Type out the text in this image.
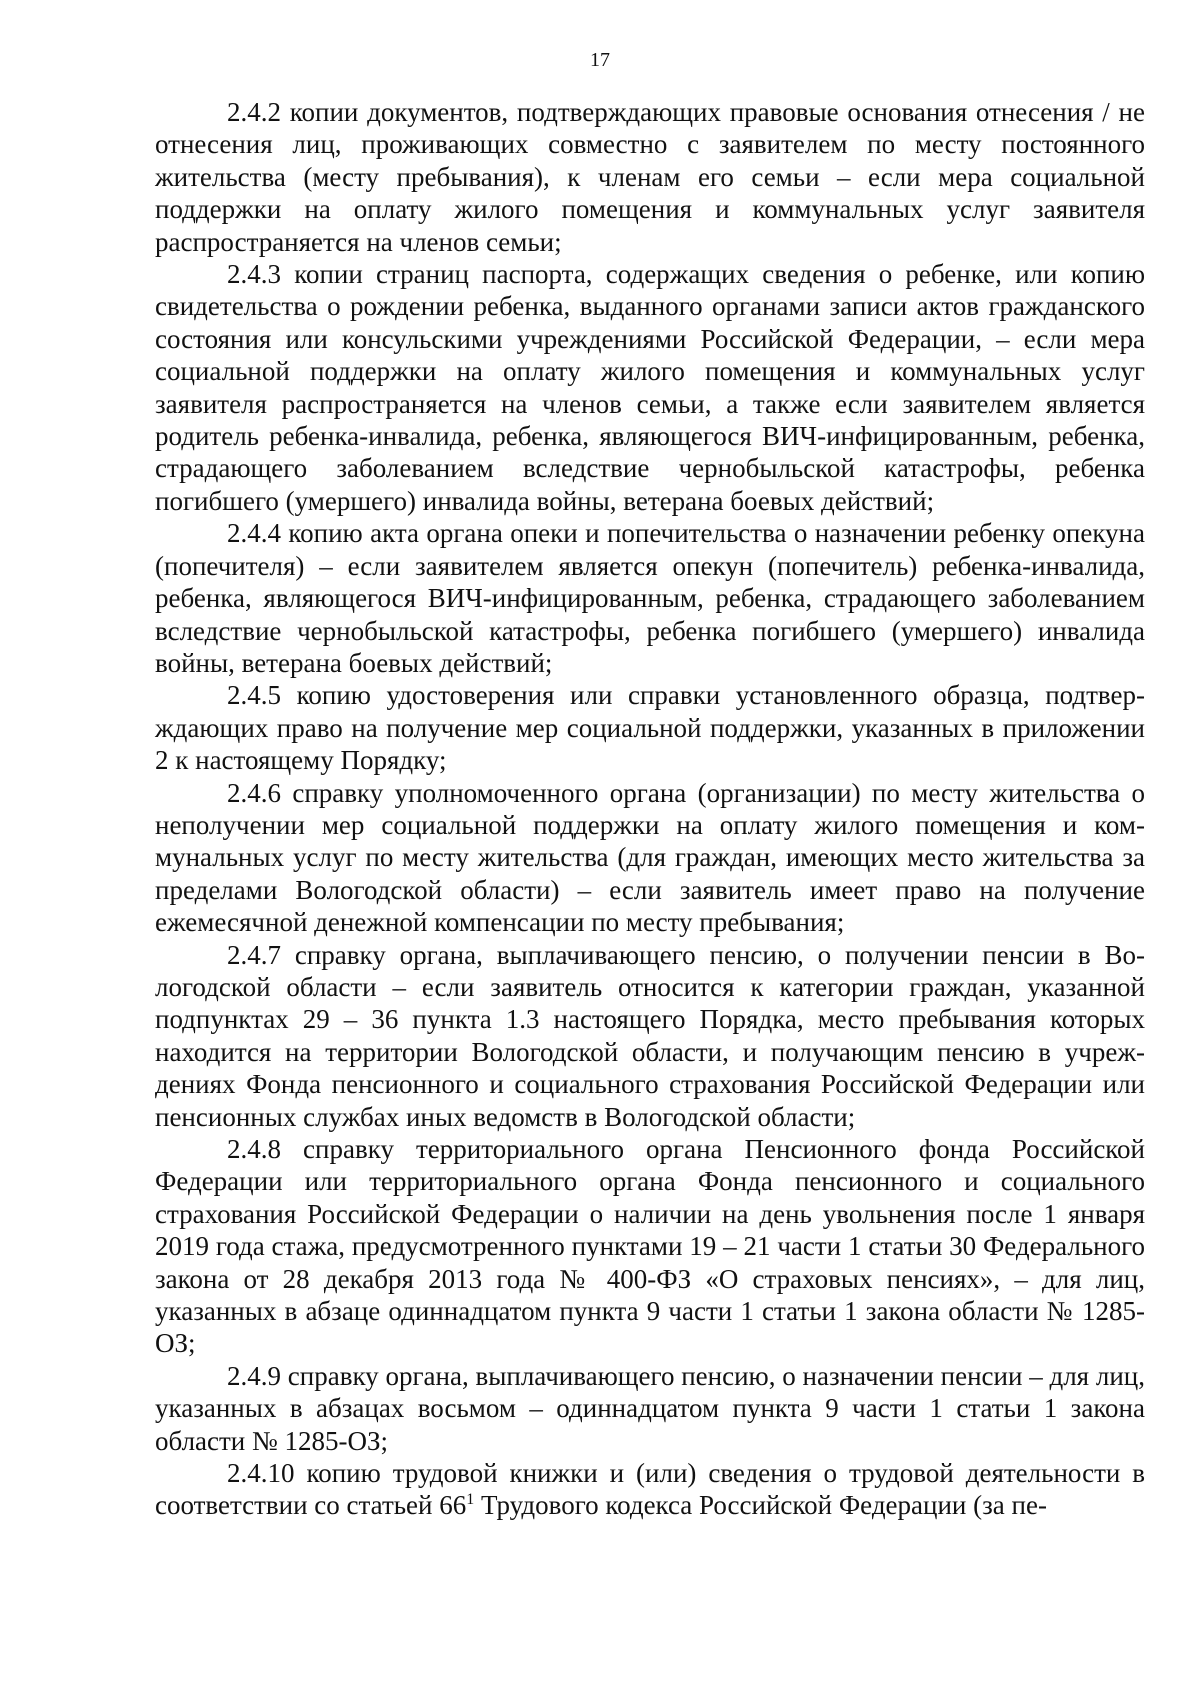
17

2.4.2 копии документов, подтверждающих правовые основания отнесения / не отнесения лиц, проживающих совместно с заявителем по месту постоянного жительства (месту пребывания), к членам его семьи – если мера социальной поддержки на оплату жилого помещения и коммунальных услуг заявителя распространяется на членов семьи;

2.4.3 копии страниц паспорта, содержащих сведения о ребенке, или копию свидетельства о рождении ребенка, выданного органами записи актов гражданского состояния или консульскими учреждениями Российской Федерации, – если мера социальной поддержки на оплату жилого помещения и коммунальных услуг заявителя распространяется на членов семьи, а также если заявителем является родитель ребенка-инвалида, ребенка, являющегося ВИЧ-инфицированным, ребенка, страдающего заболеванием вследствие чернобыльской катастрофы, ребенка погибшего (умершего) инвалида войны, ветерана боевых действий;

2.4.4 копию акта органа опеки и попечительства о назначении ребенку опекуна (попечителя) – если заявителем является опекун (попечитель) ребенка-инвалида, ребенка, являющегося ВИЧ-инфицированным, ребенка, страдающего заболеванием вследствие чернобыльской катастрофы, ребенка погибшего (умершего) инвалида войны, ветерана боевых действий;

2.4.5 копию удостоверения или справки установленного образца, подтверждающих право на получение мер социальной поддержки, указанных в приложении 2 к настоящему Порядку;

2.4.6 справку уполномоченного органа (организации) по месту жительства о неполучении мер социальной поддержки на оплату жилого помещения и коммунальных услуг по месту жительства (для граждан, имеющих место жительства за пределами Вологодской области) – если заявитель имеет право на получение ежемесячной денежной компенсации по месту пребывания;

2.4.7 справку органа, выплачивающего пенсию, о получении пенсии в Вологодской области – если заявитель относится к категории граждан, указанной подпунктах 29 – 36 пункта 1.3 настоящего Порядка, место пребывания которых находится на территории Вологодской области, и получающим пенсию в учреждениях Фонда пенсионного и социального страхования Российской Федерации или пенсионных службах иных ведомств в Вологодской области;

2.4.8 справку территориального органа Пенсионного фонда Российской Федерации или территориального органа Фонда пенсионного и социального страхования Российской Федерации о наличии на день увольнения после 1 января 2019 года стажа, предусмотренного пунктами 19 – 21 части 1 статьи 30 Федерального закона от 28 декабря 2013 года № 400-ФЗ «О страховых пенсиях», – для лиц, указанных в абзаце одиннадцатом пункта 9 части 1 статьи 1 закона области № 1285-ОЗ;

2.4.9 справку органа, выплачивающего пенсию, о назначении пенсии – для лиц, указанных в абзацах восьмом – одиннадцатом пункта 9 части 1 статьи 1 закона области № 1285-ОЗ;

2.4.10 копию трудовой книжки и (или) сведения о трудовой деятельности в соответствии со статьей $66^1$ Трудового кодекса Российской Федерации (за пе-
